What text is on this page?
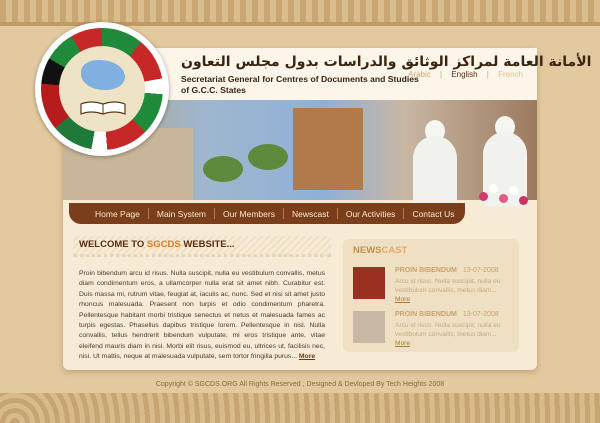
الأمانة العامة لمراكز الوثائق والدراسات بدول مجلس التعاون
Secretariat General for Centres of Documents and Studies
of G.C.C. States
Arabic | English | French
Home Page	Main System	Our Members	Newscast	Our Activities	Contact Us
WELCOME TO SGCDS WEBSITE...
Proin bibendum arcu id risus. Nulla suscipit, nulla eu vestibulum convallis, metus diam condimentum eros, a ullamcorper nulla erat sit amet nibh. Curabitur est. Duis massa mi, rutrum vitae, feugiat at, iaculis ac, nunc. Sed et nisi sit amet justo rhoncus malesuada. Praesent non turpis et odio condimentum pharetra. Pellentesque habitant morbi tristique senectus et netus et malesuada fames ac turpis egestas. Phasellus dapibus tristique lorem. Pellentesque in nisl. Nulla convallis, tellus hendrerit bibendum vulputate, mi eros tristique ante, vitae eleifend mauris diam in nisl. Morbi elit risus, euismod eu, ultrices ut, facilisis nec, nisi. Ut mattis, neque at malesuada vulputate, sem tortor fringilla purus... More
NEWSCAST
PROIN BIBENDUM 13-07-2008
Arcu id risus. Nulla suscipit, nulla eu vestibulum convallis, metus diam... More
PROIN BIBENDUM 13-07-2008
Arcu id risus. Nulla suscipit, nulla eu vestibulum convallis, metus diam... More
Copyright © SGCDS.ORG All Rights Reserved , Designed & Devloped By Tech Heights 2008
